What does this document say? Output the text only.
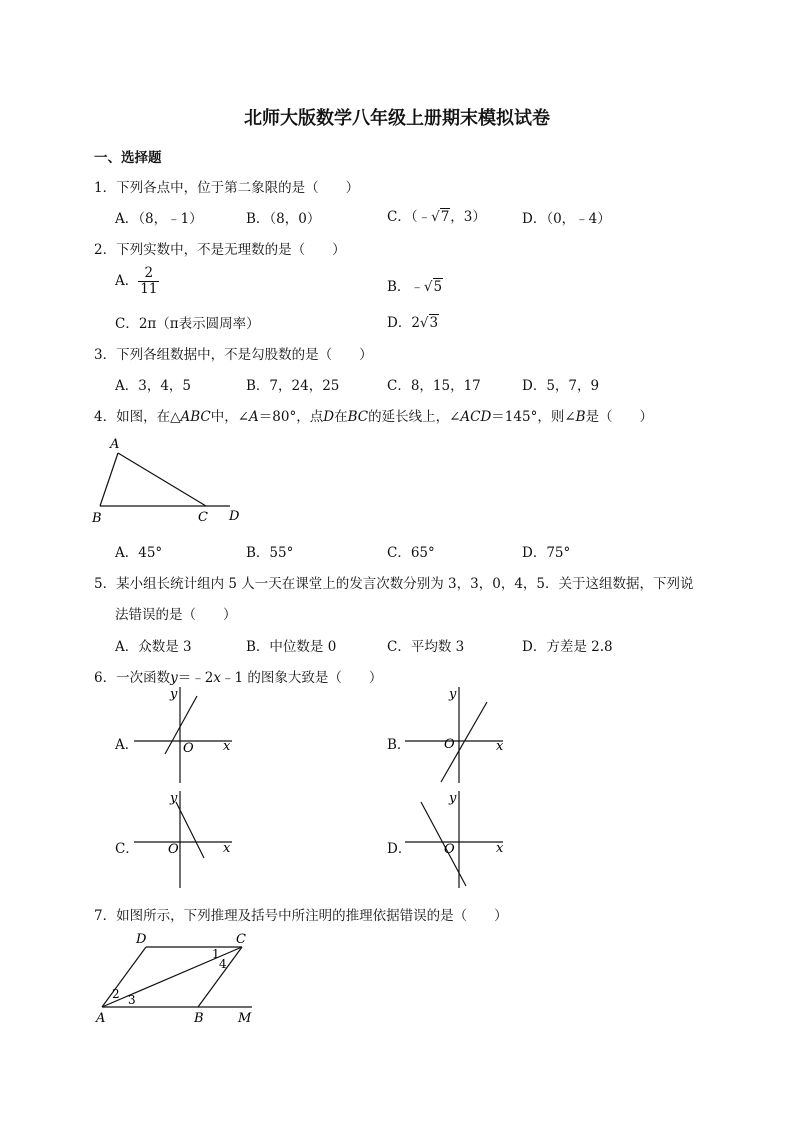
北师大版数学八年级上册期末模拟试卷
一、选择题
1．下列各点中，位于第二象限的是（　　）
A．（8，﹣1）	B．（8，0）	C．（﹣√7，3）	D．（0，﹣4）
2．下列实数中，不是无理数的是（　　）
A． $\frac{2}{11}$	B．﹣√5
C．2π（π表示圆周率）	D．2√3
3．下列各组数据中，不是勾股数的是（　　）
A．3，4，5	B．7，24，25	C．8，15，17	D．5，7，9
4．如图，在△ABC中，∠A＝80°，点D在BC的延长线上，∠ACD＝145°，则∠B是（　　）
A
B	C D
A．45°	B．55°	C．65°	D．75°
5．某小组长统计组内 5 人一天在课堂上的发言次数分别为 3，3，0，4，5．关于这组数据，下列说
法错误的是（　　）
A．众数是 3	B．中位数是 0	C．平均数 3	D．方差是 2.8
6．一次函数y＝﹣2x﹣1 的图象大致是（　　）
A．	B．
C．	D．
y
x
O
y
x
O
y
x
O
y
x
O
7．如图所示，下列推理及括号中所注明的推理依据错误的是（　　）
D	C
A	B	M
1
2 3
4
